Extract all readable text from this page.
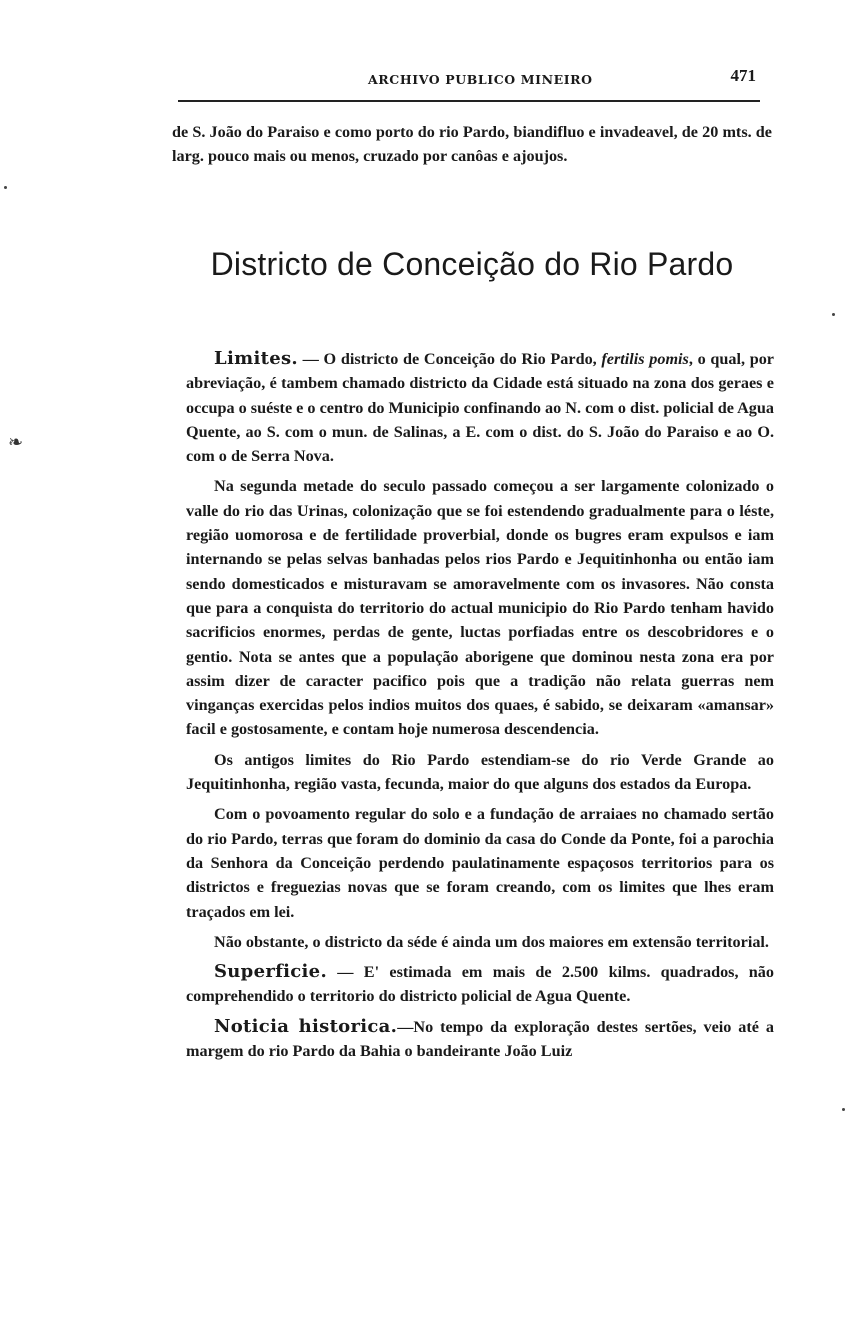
ARCHIVO PUBLICO MINEIRO	471

de S. João do Paraiso e como porto do rio Pardo, biandifluo e invadeavel, de 20 mts. de larg. pouco mais ou menos, cruzado por canôas e ajoujos.

Districto de Conceição do Rio Pardo

Limites. — O districto de Conceição do Rio Pardo, fertilis pomis, o qual, por abreviação, é tambem chamado districto da Cidade está situado na zona dos geraes e occupa o suéste e o centro do Municipio confinando ao N. com o dist. policial de Agua Quente, ao S. com o mun. de Salinas, a E. com o dist. do S. João do Paraiso e ao O. com o de Serra Nova.

Na segunda metade do seculo passado começou a ser largamente colonizado o valle do rio das Urinas, colonização que se foi estendendo gradualmente para o léste, região uomorosa e de fertilidade proverbial, donde os bugres eram expulsos e iam internando se pelas selvas banhadas pelos rios Pardo e Jequitinhonha ou então iam sendo domesticados e misturavam se amoravelmente com os invasores. Não consta que para a conquista do territorio do actual municipio do Rio Pardo tenham havido sacrificios enormes, perdas de gente, luctas porfiadas entre os descobridores e o gentio. Nota se antes que a população aborigene que dominou nesta zona era por assim dizer de caracter pacifico pois que a tradição não relata guerras nem vinganças exercidas pelos indios muitos dos quaes, é sabido, se deixaram «amansar» facil e gostosamente, e contam hoje numerosa descendencia.

Os antigos limites do Rio Pardo estendiam-se do rio Verde Grande ao Jequitinhonha, região vasta, fecunda, maior do que alguns dos estados da Europa.

Com o povoamento regular do solo e a fundação de arraiaes no chamado sertão do rio Pardo, terras que foram do dominio da casa do Conde da Ponte, foi a parochia da Senhora da Conceição perdendo paulatinamente espaçosos territorios para os districtos e freguezias novas que se foram creando, com os limites que lhes eram traçados em lei.

Não obstante, o districto da séde é ainda um dos maiores em extensão territorial.

Superficie. — E' estimada em mais de 2.500 kilms. quadrados, não comprehendido o territorio do districto policial de Agua Quente.

Noticia historica.—No tempo da exploração destes sertões, veio até a margem do rio Pardo da Bahia o bandeirante João Luiz

❧
